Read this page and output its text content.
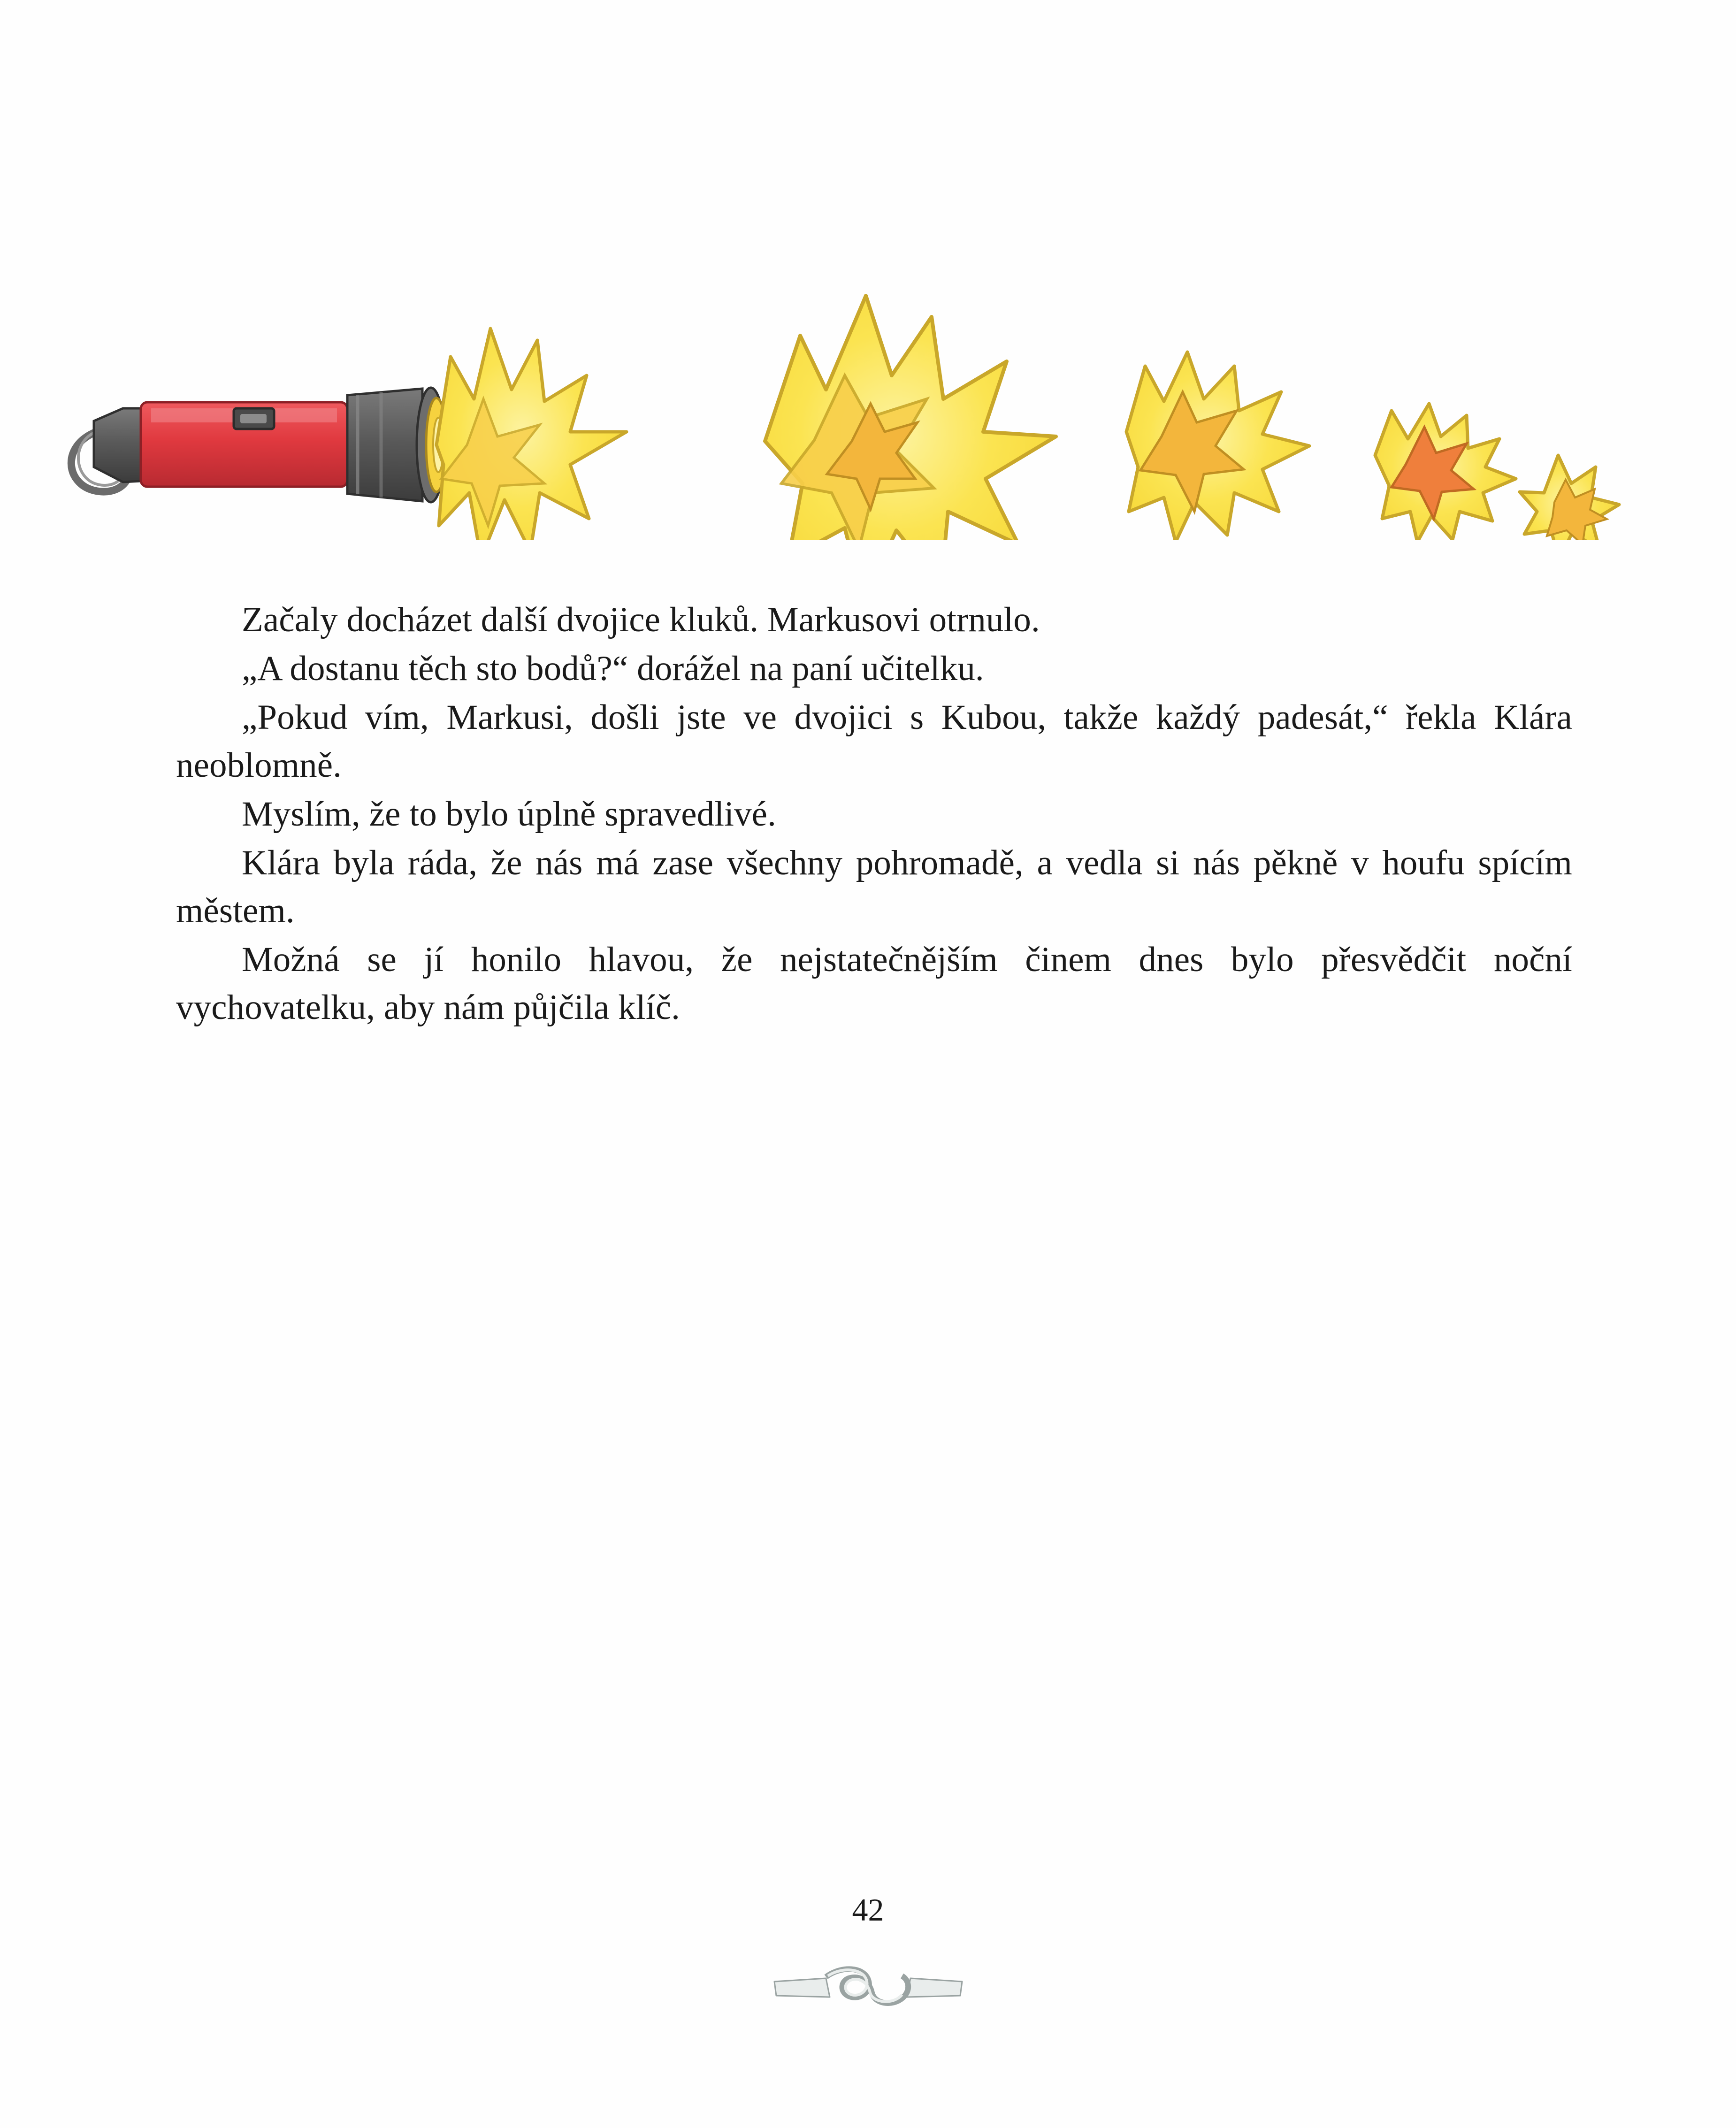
Začaly docházet další dvojice kluků. Markusovi otrnulo.

„A dostanu těch sto bodů?“ dorážel na paní učitelku.

„Pokud vím, Markusi, došli jste ve dvojici s Kubou, takže každý padesát,“ řekla Klára neoblomně.

Myslím, že to bylo úplně spravedlivé.

Klára byla ráda, že nás má zase všechny pohromadě, a vedla si nás pěkně v houfu spícím městem.

Možná se jí honilo hlavou, že nejstatečnějším činem dnes bylo přesvědčit noční vychovatelku, aby nám půjčila klíč.

42
